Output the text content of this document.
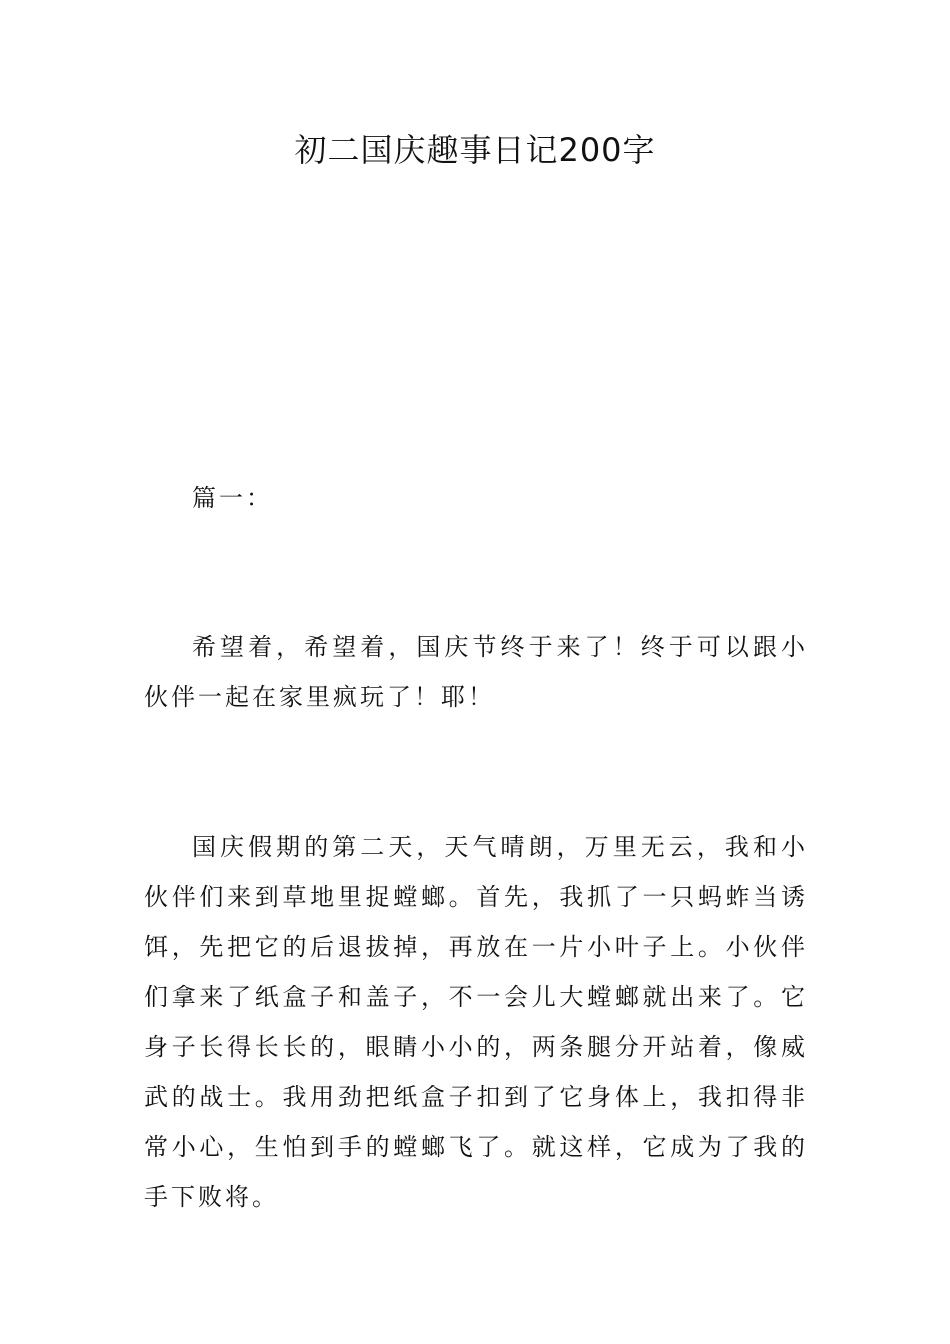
初二国庆趣事日记200字

篇一：

希望着，希望着，国庆节终于来了！终于可以跟小伙伴一起在家里疯玩了！耶！

国庆假期的第二天，天气晴朗，万里无云，我和小伙伴们来到草地里捉螳螂。首先，我抓了一只蚂蚱当诱饵，先把它的后退拔掉，再放在一片小叶子上。小伙伴们拿来了纸盒子和盖子，不一会儿大螳螂就出来了。它身子长得长长的，眼睛小小的，两条腿分开站着，像威武的战士。我用劲把纸盒子扣到了它身体上，我扣得非常小心，生怕到手的螳螂飞了。就这样，它成为了我的手下败将。
